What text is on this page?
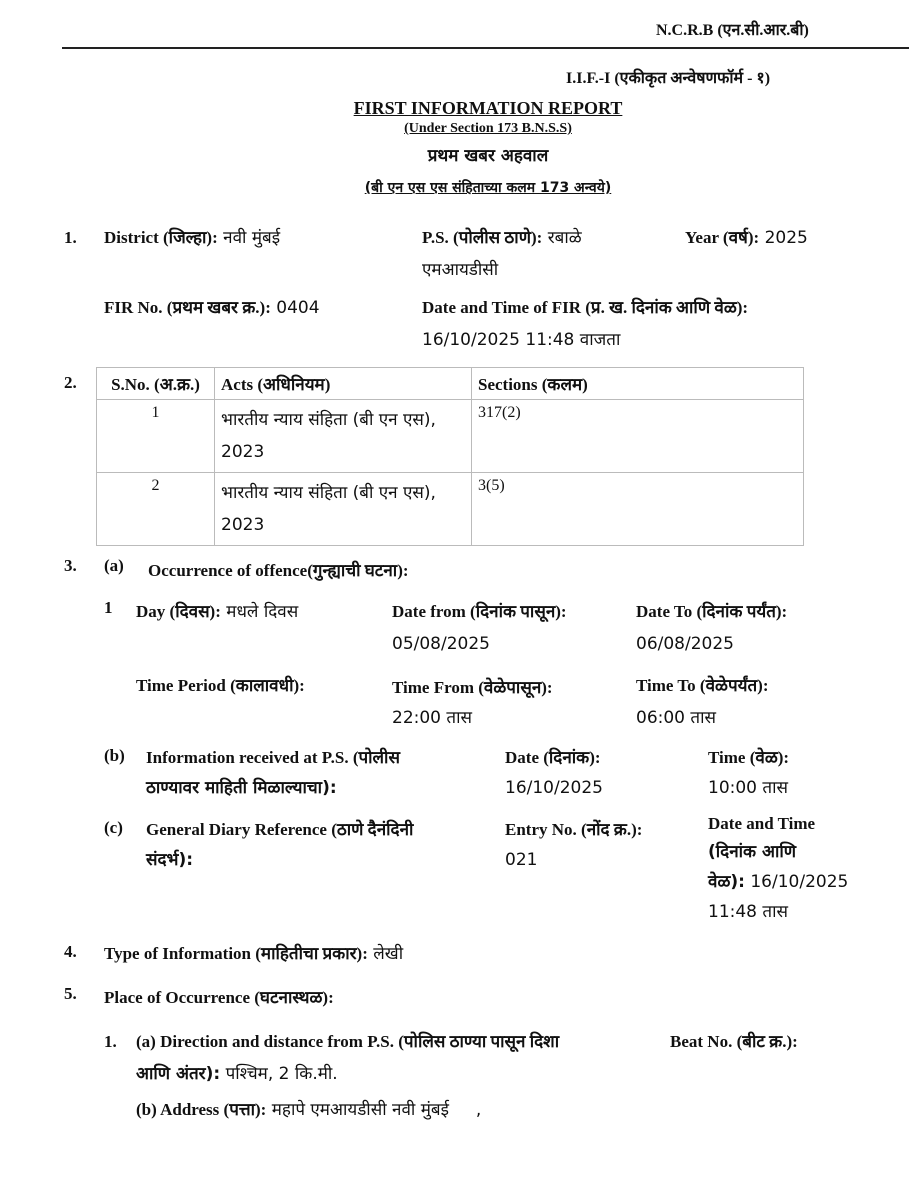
N.C.R.B (एन.सी.आर.बी)
I.I.F.-I (एकीकृत अन्वेषणफॉर्म - १)
FIRST INFORMATION REPORT
(Under Section 173 B.N.S.S)
प्रथम खबर अहवाल
(बी एन एस एस संहिताच्या कलम 173 अन्वये)
1. District (जिल्हा): नवी मुंबई	P.S. (पोलीस ठाणे): रबाळे
एमआयडीसी
Year (वर्ष): 2025
FIR No. (प्रथम खबर क्र.): 0404	Date and Time of FIR (प्र. ख. दिनांक आणि वेळ):
16/10/2025 11:48 वाजता
2. S.No. (अ.क्र.)	Acts (अधिनियम)	Sections (कलम)
1	भारतीय न्याय संहिता (बी एन एस), 2023	317(2)
2	भारतीय न्याय संहिता (बी एन एस), 2023	3(5)
3. (a) Occurrence of offence(गुन्ह्याची घटना):
1 Day (दिवस): मधले दिवस	Date from (दिनांक पासून):
05/08/2025
Date To (दिनांक पर्यंत):
06/08/2025
Time Period (कालावधी):	Time From (वेळेपासून):
22:00 तास
Time To (वेळेपर्यंत):
06:00 तास
(b) Information received at P.S. (पोलीस
ठाण्यावर माहिती मिळाल्याचा):
Date (दिनांक):
16/10/2025
Time (वेळ):
10:00 तास
(c) General Diary Reference (ठाणे दैनंदिनी
संदर्भ):
Entry No. (नोंद क्र.):
021
Date and Time
(दिनांक आणि
वेळ): 16/10/2025
11:48 तास
4. Type of Information (माहितीचा प्रकार): लेखी
5. Place of Occurrence (घटनास्थळ):
1. (a) Direction and distance from P.S. (पोलिस ठाण्या पासून दिशा
आणि अंतर): पश्चिम, 2 कि.मी.
Beat No. (बीट क्र.):
(b) Address (पत्ता): महापे एमआयडीसी नवी मुंबई     ,
